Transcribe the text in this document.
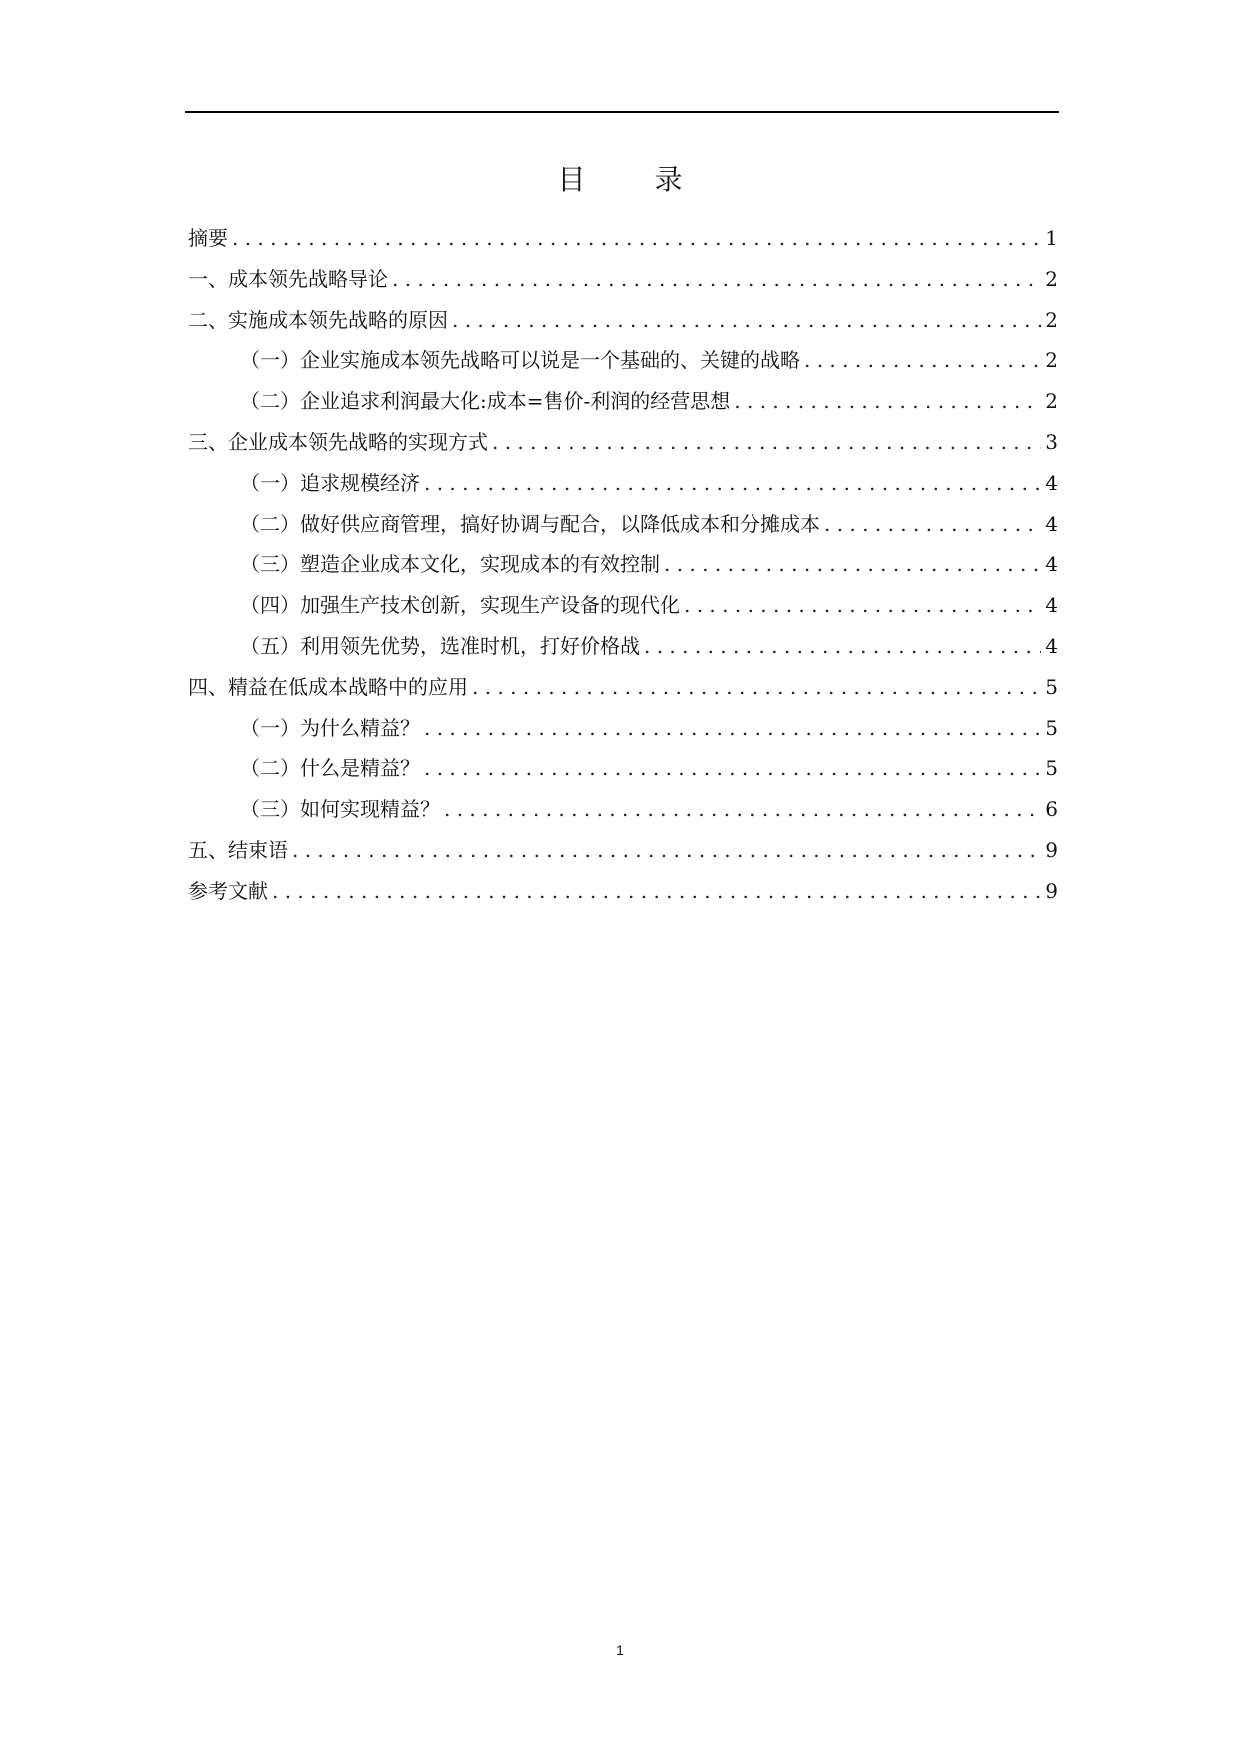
目 录
摘要 . . .	1
一、成本领先战略导论 . . .	2
二、实施成本领先战略的原因 . . .	2
（一）企业实施成本领先战略可以说是一个基础的、关键的战略 . . .	2
（二）企业追求利润最大化:成本=售价-利润的经营思想 . . .	2
三、企业成本领先战略的实现方式 . . .	3
（一）追求规模经济 . . .	4
（二）做好供应商管理，搞好协调与配合，以降低成本和分摊成本 . . .	4
（三）塑造企业成本文化，实现成本的有效控制 . . .	4
（四）加强生产技术创新，实现生产设备的现代化 . . .	4
（五）利用领先优势，选准时机，打好价格战 . . .	4
四、精益在低成本战略中的应用 . . .	5
（一）为什么精益？ . . .	5
（二）什么是精益？ . . .	5
（三）如何实现精益？ . . .	6
五、结束语 . . .	9
参考文献 . . .	9
1
